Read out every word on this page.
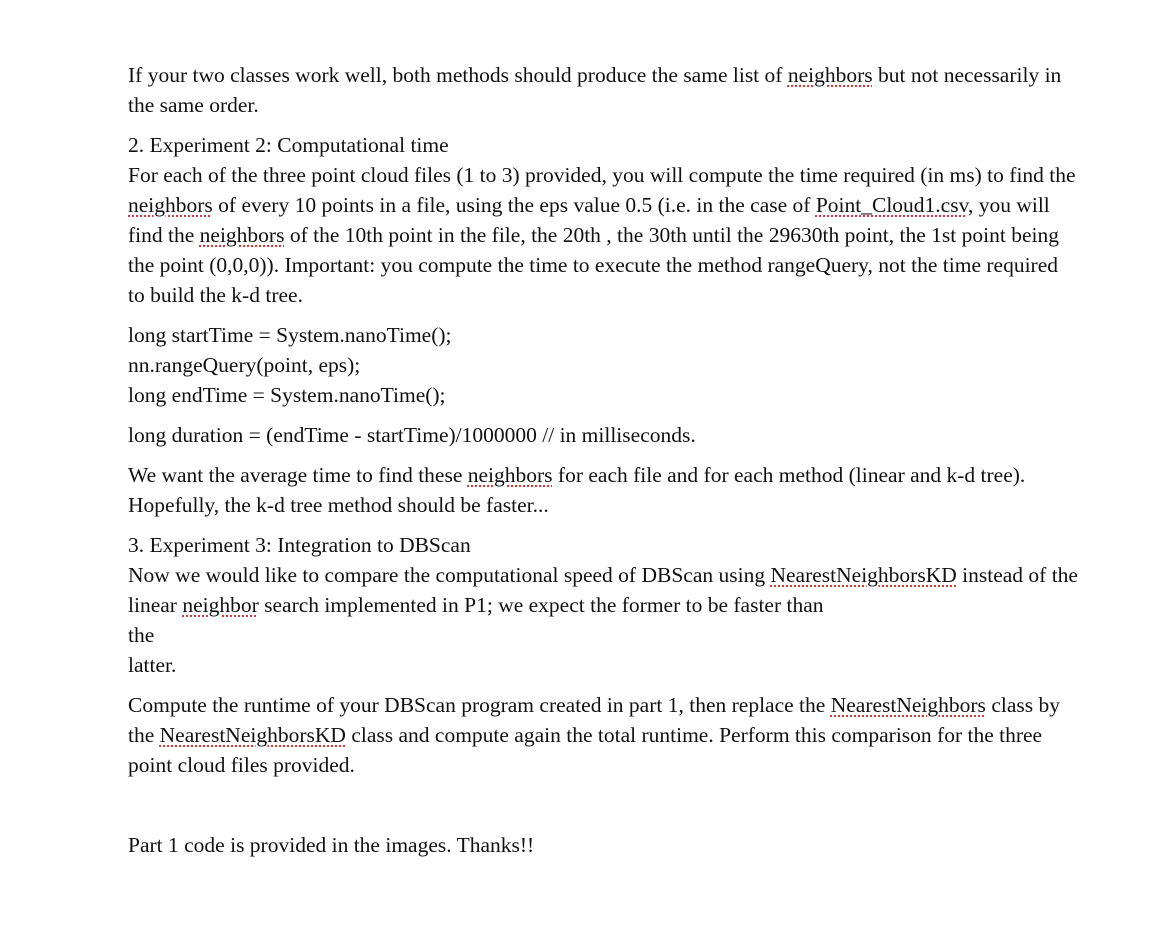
If your two classes work well, both methods should produce the same list of neighbors but not necessarily in the same order.

2. Experiment 2: Computational time

For each of the three point cloud files (1 to 3) provided, you will compute the time required (in ms) to find the neighbors of every 10 points in a file, using the eps value 0.5 (i.e. in the case of Point_Cloud1.csv, you will find the neighbors of the 10th point in the file, the 20th , the 30th until the 29630th point, the 1st point being the point (0,0,0)). Important: you compute the time to execute the method rangeQuery, not the time required to build the k-d tree.

long startTime = System.nanoTime();

nn.rangeQuery(point, eps);

long endTime = System.nanoTime();

long duration = (endTime - startTime)/1000000 // in milliseconds.

We want the average time to find these neighbors for each file and for each method (linear and k-d tree).

Hopefully, the k-d tree method should be faster...

3. Experiment 3: Integration to DBScan

Now we would like to compare the computational speed of DBScan using NearestNeighborsKD instead of the linear neighbor search implemented in P1; we expect the former to be faster than

the

latter.

Compute the runtime of your DBScan program created in part 1, then replace the NearestNeighbors class by the NearestNeighborsKD class and compute again the total runtime. Perform this comparison for the three point cloud files provided.

Part 1 code is provided in the images. Thanks!!
